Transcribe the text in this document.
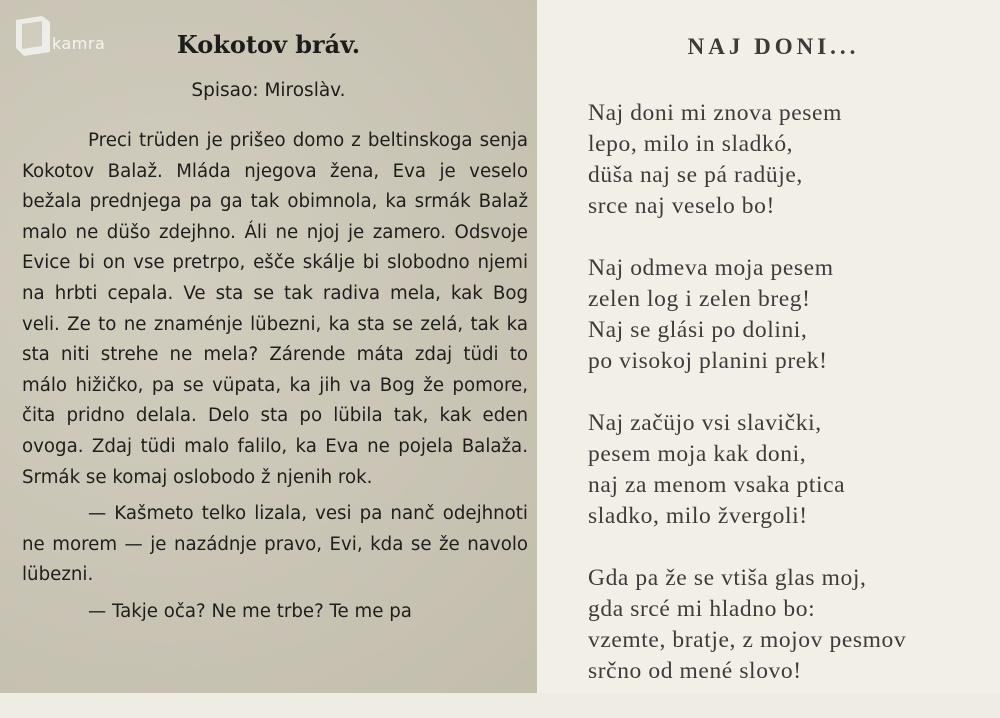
kamra	Kokotov bráv.
Spisao: Miroslàv.

Preci trüden je prišeo domo z beltinskoga senja Kokotov Balaž. Mláda njegova žena, Eva je veselo bežala prednjega pa ga tak obimnola, ka srmák Balaž malo ne düšo zdejhno. Áli ne njoj je zamero. Odsvoje Evice bi on vse pretrpo, ešče skálje bi slobodno njemi na hrbti cepala. Ve sta se tak radiva mela, kak Bog veli. Ze to ne znaménje lübezni, ka sta se zelá, tak ka sta niti strehe ne mela? Zárende máta zdaj tüdi to málo hižičko, pa se vüpata, ka jih va Bog že pomore, čita pridno delala. Delo sta po lübila tak, kak eden ovoga. Zdaj tüdi malo falilo, ka Eva ne pojela Balaža. Srmák se komaj oslobodo ž njenih rok.

— Kašmeto telko lizala, vesi pa nanč odejhnoti ne morem — je nazádnje pravo, Evi, kda se že navolo lübezni.

— Takje oča? Ne me trbe? Te me pa

NAJ DONI...
Naj doni mi znova pesem
lepo, milo in sladkó,
düša naj se pá radüje,
srce naj veselo bo!
Naj odmeva moja pesem
zelen log i zelen breg!
Naj se glási po dolini,
po visokoj planini prek!
Naj začüjo vsi slavički,
pesem moja kak doni,
naj za menom vsaka ptica
sladko, milo žvergoli!
Gda pa že se vtiša glas moj,
gda srcé mi hladno bo:
vzemte, bratje, z mojov pesmov
srčno od mené slovo!
